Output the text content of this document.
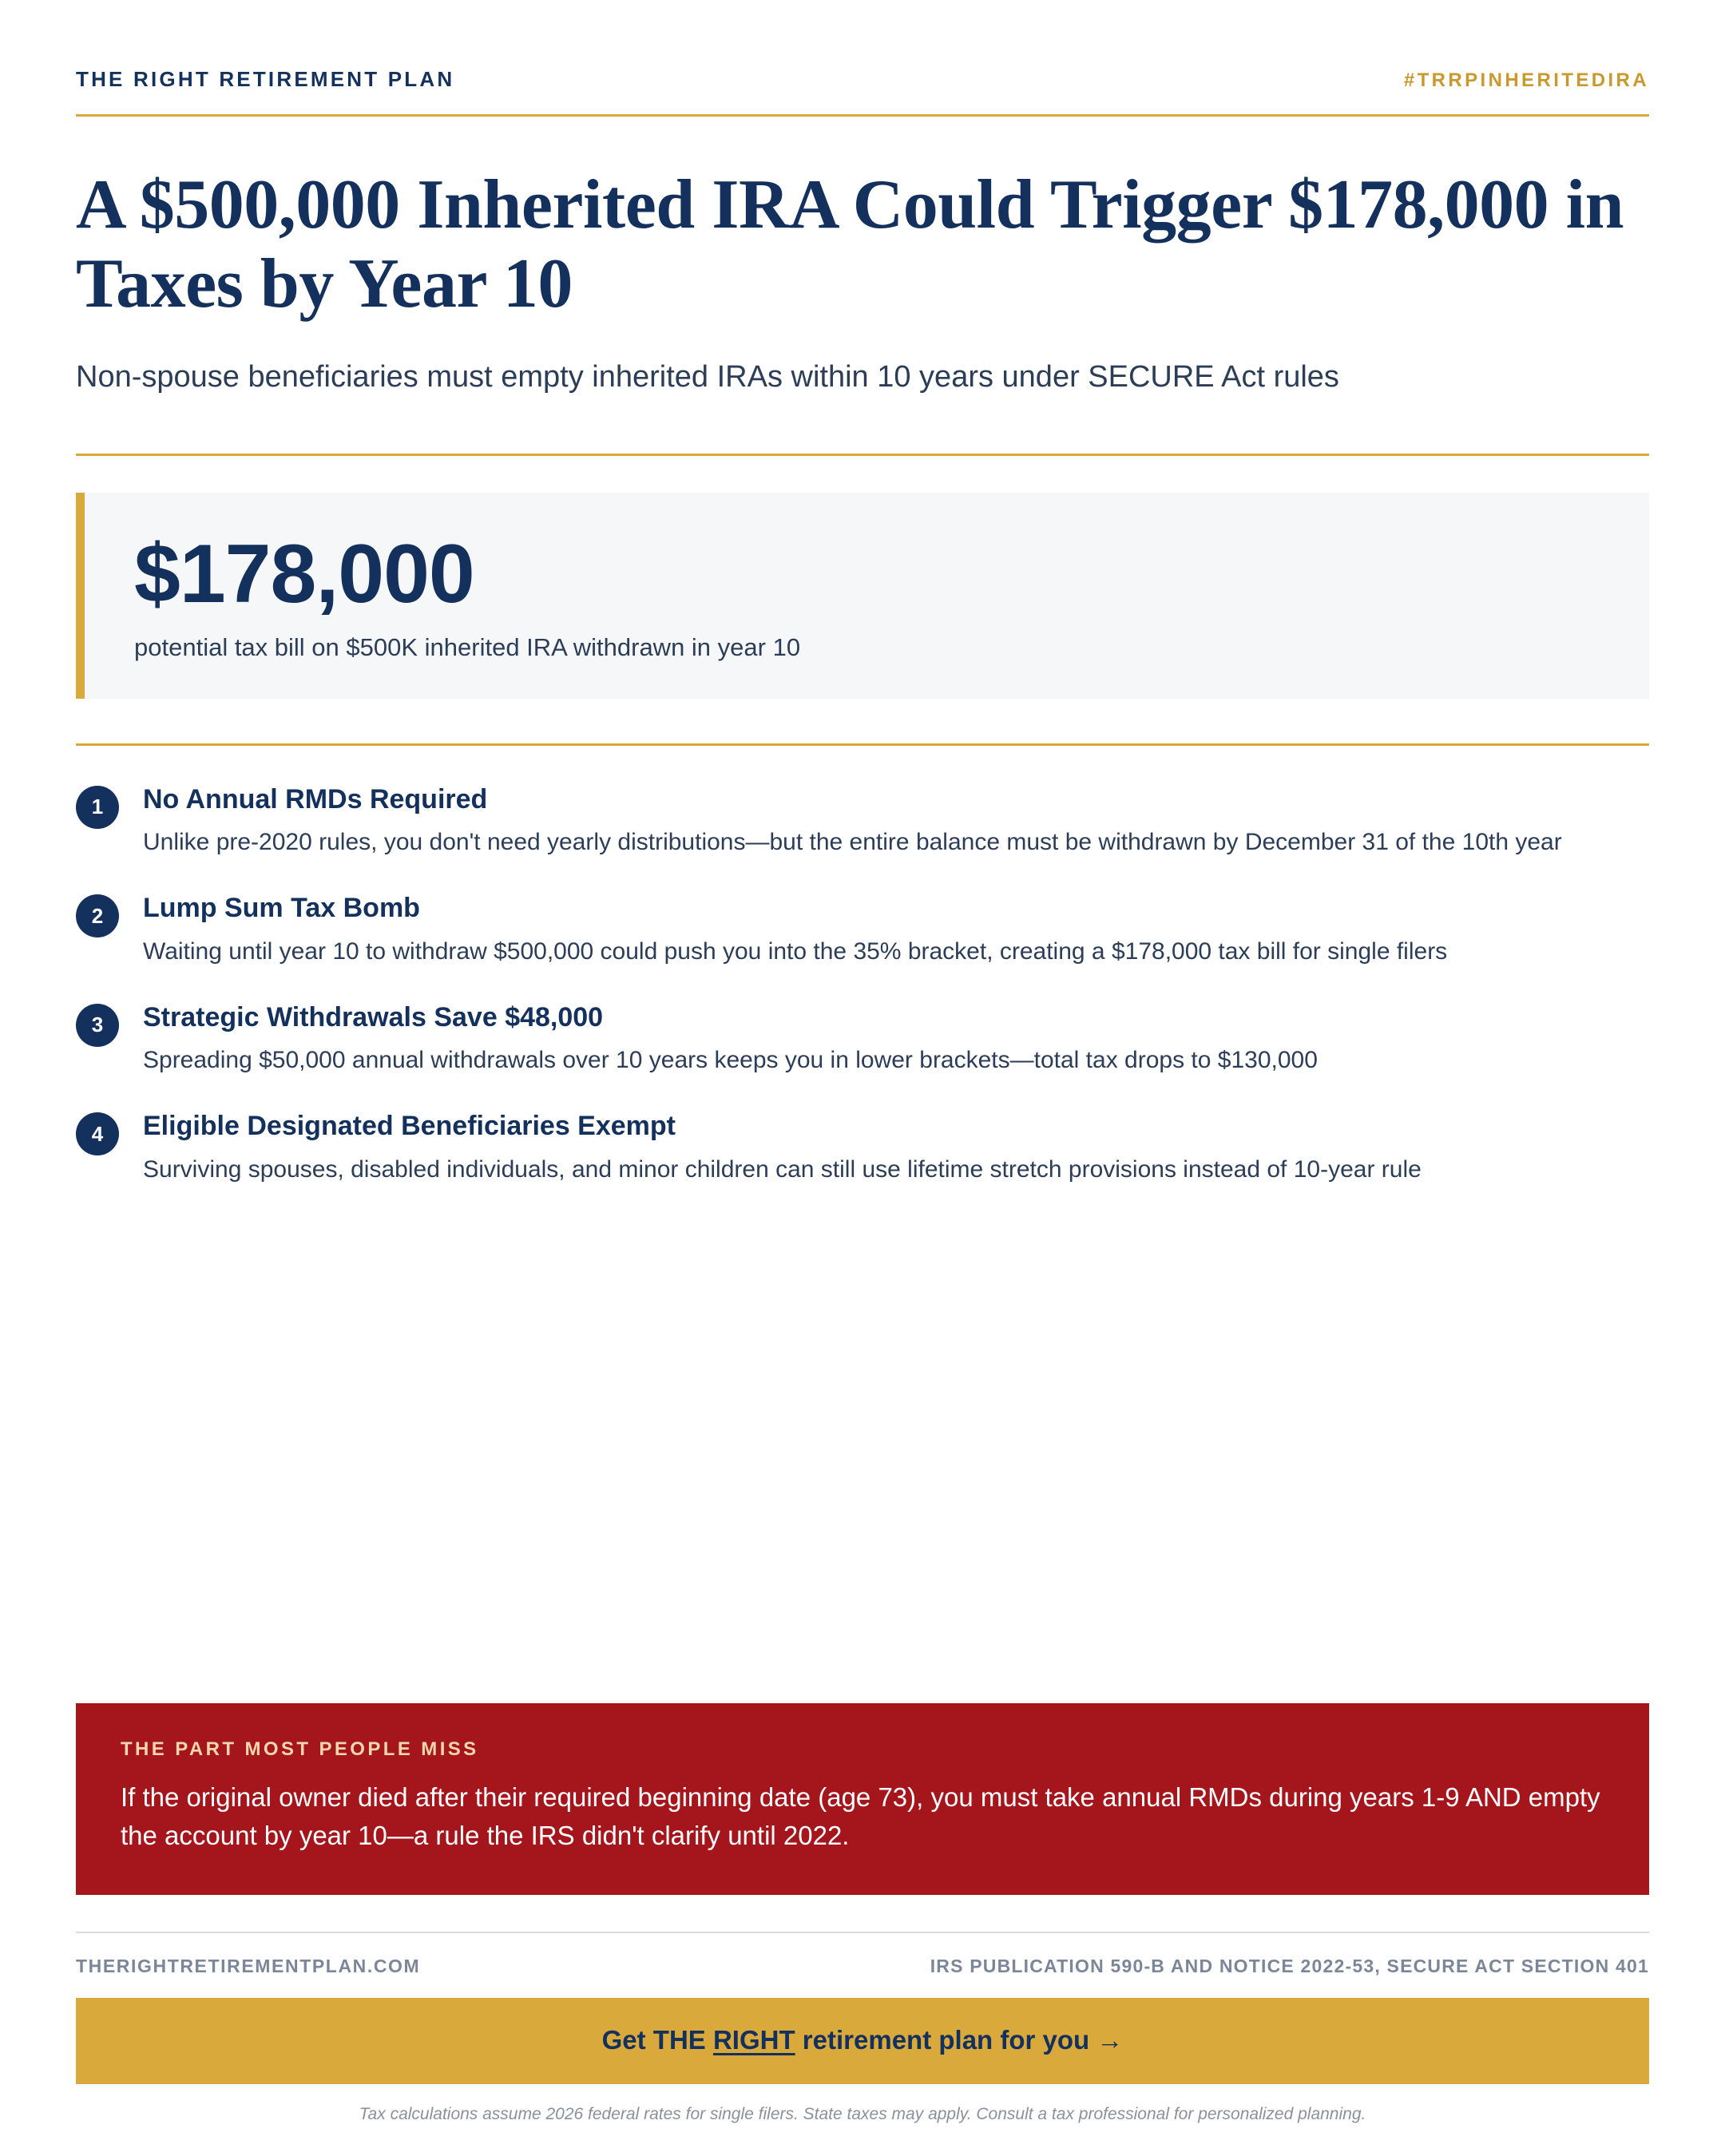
THE RIGHT RETIREMENT PLAN	#TRRPINHERITEDIRA
A $500,000 Inherited IRA Could Trigger $178,000 in Taxes by Year 10
Non-spouse beneficiaries must empty inherited IRAs within 10 years under SECURE Act rules
$178,000
potential tax bill on $500K inherited IRA withdrawn in year 10
1	No Annual RMDs Required
Unlike pre-2020 rules, you don't need yearly distributions—but the entire balance must be withdrawn by December 31 of the 10th year
2	Lump Sum Tax Bomb
Waiting until year 10 to withdraw $500,000 could push you into the 35% bracket, creating a $178,000 tax bill for single filers
3	Strategic Withdrawals Save $48,000
Spreading $50,000 annual withdrawals over 10 years keeps you in lower brackets—total tax drops to $130,000
4	Eligible Designated Beneficiaries Exempt
Surviving spouses, disabled individuals, and minor children can still use lifetime stretch provisions instead of 10-year rule
THE PART MOST PEOPLE MISS
If the original owner died after their required beginning date (age 73), you must take annual RMDs during years 1-9 AND empty the account by year 10—a rule the IRS didn't clarify until 2022.
THERIGHTRETIREMENTPLAN.COM	IRS PUBLICATION 590-B AND NOTICE 2022-53, SECURE ACT SECTION 401
Get THE RIGHT retirement plan for you →
Tax calculations assume 2026 federal rates for single filers. State taxes may apply. Consult a tax professional for personalized planning.
